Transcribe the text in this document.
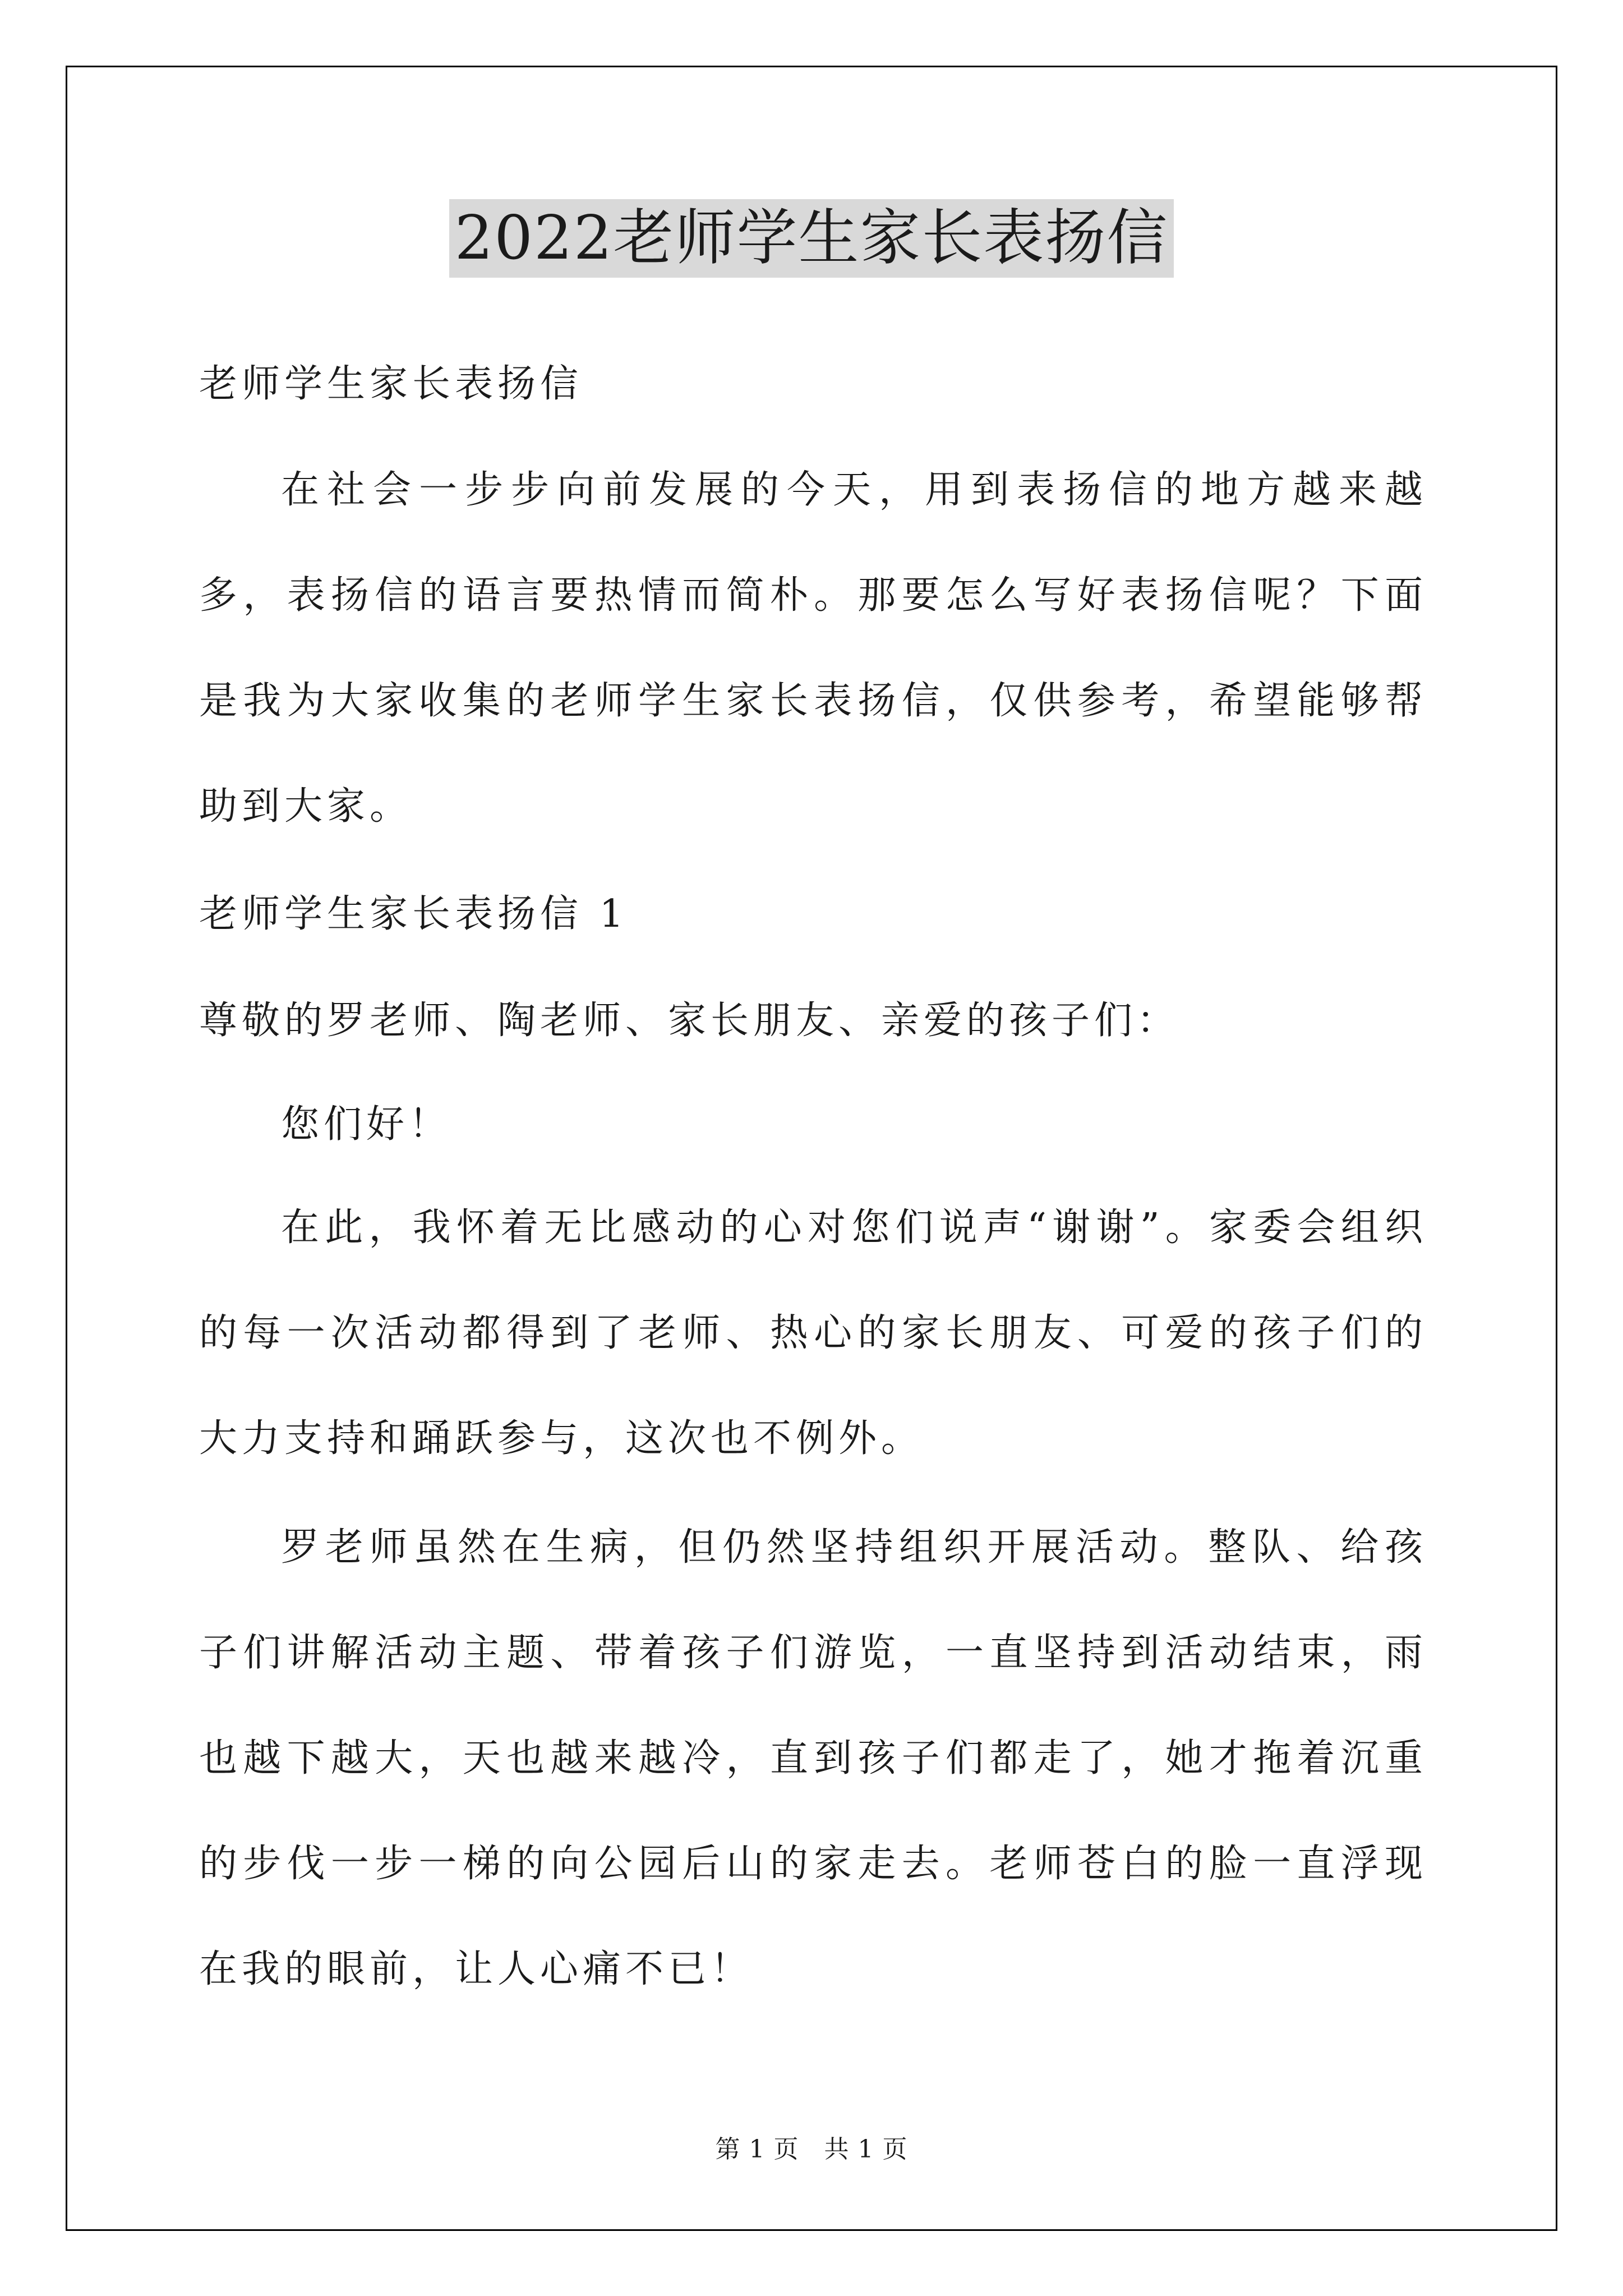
2022老师学生家长表扬信

老师学生家长表扬信

在社会一步步向前发展的今天，用到表扬信的地方越来越多，表扬信的语言要热情而简朴。那要怎么写好表扬信呢？下面是我为大家收集的老师学生家长表扬信，仅供参考，希望能够帮助到大家。

老师学生家长表扬信 1

尊敬的罗老师、陶老师、家长朋友、亲爱的孩子们：

您们好！

在此，我怀着无比感动的心对您们说声“谢谢”。家委会组织的每一次活动都得到了老师、热心的家长朋友、可爱的孩子们的大力支持和踊跃参与，这次也不例外。

罗老师虽然在生病，但仍然坚持组织开展活动。整队、给孩子们讲解活动主题、带着孩子们游览，一直坚持到活动结束，雨也越下越大，天也越来越冷，直到孩子们都走了，她才拖着沉重的步伐一步一梯的向公园后山的家走去。老师苍白的脸一直浮现在我的眼前，让人心痛不已！

第 1 页　共 1 页
